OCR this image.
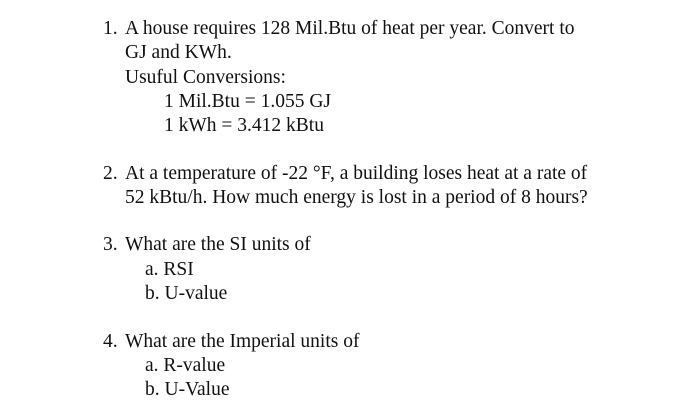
1. A house requires 128 Mil.Btu of heat per year. Convert to
GJ and KWh.
Usuful Conversions:
1 Mil.Btu = 1.055 GJ
1 kWh = 3.412 kBtu
2. At a temperature of -22 °F, a building loses heat at a rate of
52 kBtu/h. How much energy is lost in a period of 8 hours?
3. What are the SI units of
a. RSI
b. U-value
4. What are the Imperial units of
a. R-value
b. U-Value
